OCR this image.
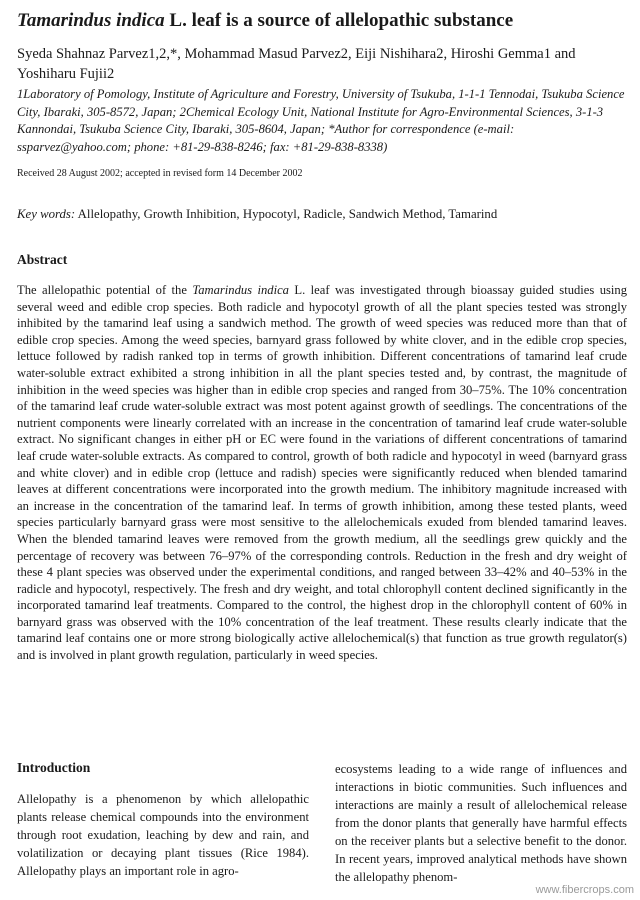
Tamarindus indica L. leaf is a source of allelopathic substance

Syeda Shahnaz Parvez1,2,*, Mohammad Masud Parvez2, Eiji Nishihara2, Hiroshi Gemma1 and Yoshiharu Fujii2

1Laboratory of Pomology, Institute of Agriculture and Forestry, University of Tsukuba, 1-1-1 Tennodai, Tsukuba Science City, Ibaraki, 305-8572, Japan; 2Chemical Ecology Unit, National Institute for Agro-Environmental Sciences, 3-1-3 Kannondai, Tsukuba Science City, Ibaraki, 305-8604, Japan; *Author for correspondence (e-mail: ssparvez@yahoo.com; phone: +81-29-838-8246; fax: +81-29-838-8338)

Received 28 August 2002; accepted in revised form 14 December 2002

Key words: Allelopathy, Growth Inhibition, Hypocotyl, Radicle, Sandwich Method, Tamarind

Abstract

The allelopathic potential of the Tamarindus indica L. leaf was investigated through bioassay guided studies using several weed and edible crop species. Both radicle and hypocotyl growth of all the plant species tested was strongly inhibited by the tamarind leaf using a sandwich method. The growth of weed species was reduced more than that of edible crop species. Among the weed species, barnyard grass followed by white clover, and in the edible crop species, lettuce followed by radish ranked top in terms of growth inhibition. Different concentrations of tamarind leaf crude water-soluble extract exhibited a strong inhibition in all the plant species tested and, by contrast, the magnitude of inhibition in the weed species was higher than in edible crop species and ranged from 30–75%. The 10% concentration of the tamarind leaf crude water-soluble extract was most potent against growth of seedlings. The concentrations of the nutrient components were linearly correlated with an increase in the concentration of tamarind leaf crude water-soluble extract. No significant changes in either pH or EC were found in the variations of different concentrations of tamarind leaf crude water-soluble extracts. As compared to control, growth of both radicle and hypocotyl in weed (barnyard grass and white clover) and in edible crop (lettuce and radish) species were significantly reduced when blended tamarind leaves at different concentrations were incorporated into the growth medium. The inhibitory magnitude increased with an increase in the concentration of the tamarind leaf. In terms of growth inhibition, among these tested plants, weed species particularly barnyard grass were most sensitive to the allelochemicals exuded from blended tamarind leaves. When the blended tamarind leaves were removed from the growth medium, all the seedlings grew quickly and the percentage of recovery was between 76–97% of the corresponding controls. Reduction in the fresh and dry weight of these 4 plant species was observed under the experimental conditions, and ranged between 33–42% and 40–53% in the radicle and hypocotyl, respectively. The fresh and dry weight, and total chlorophyll content declined significantly in the incorporated tamarind leaf treatments. Compared to the control, the highest drop in the chlorophyll content of 60% in barnyard grass was observed with the 10% concentration of the leaf treatment. These results clearly indicate that the tamarind leaf contains one or more strong biologically active allelochemical(s) that function as true growth regulator(s) and is involved in plant growth regulation, particularly in weed species.

Introduction

Allelopathy is a phenomenon by which allelopathic plants release chemical compounds into the environment through root exudation, leaching by dew and rain, and volatilization or decaying plant tissues (Rice 1984). Allelopathy plays an important role in agro-

ecosystems leading to a wide range of influences and interactions in biotic communities. Such influences and interactions are mainly a result of allelochemical release from the donor plants that generally have harmful effects on the receiver plants but a selective benefit to the donor. In recent years, improved analytical methods have shown the allelopathy phenom-

www.fibercrops.com
